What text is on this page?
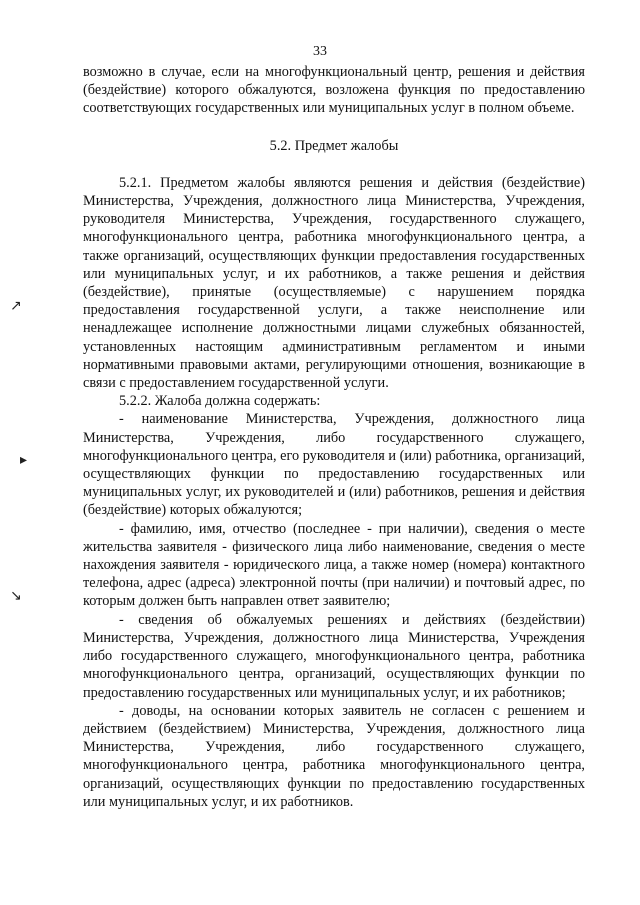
33
↗
▸
↘

возможно в случае, если на многофункциональный центр, решения и действия (бездействие) которого обжалуются, возложена функция по предоставлению соответствующих государственных или муниципальных услуг в полном объеме.

5.2. Предмет жалобы

5.2.1. Предметом жалобы являются решения и действия (бездействие) Министерства, Учреждения, должностного лица Министерства, Учреждения, руководителя Министерства, Учреждения, государственного служащего, многофункционального центра, работника многофункционального центра, а также организаций, осуществляющих функции предоставления государственных или муниципальных услуг, и их работников, а также решения и действия (бездействие), принятые (осуществляемые) с нарушением порядка предоставления государственной услуги, а также неисполнение или ненадлежащее исполнение должностными лицами служебных обязанностей, установленных настоящим административным регламентом и иными нормативными правовыми актами, регулирующими отношения, возникающие в связи с предоставлением государственной услуги.

5.2.2. Жалоба должна содержать:

- наименование Министерства, Учреждения, должностного лица Министерства, Учреждения, либо государственного служащего, многофункционального центра, его руководителя и (или) работника, организаций, осуществляющих функции по предоставлению государственных или муниципальных услуг, их руководителей и (или) работников, решения и действия (бездействие) которых обжалуются;

- фамилию, имя, отчество (последнее - при наличии), сведения о месте жительства заявителя - физического лица либо наименование, сведения о месте нахождения заявителя - юридического лица, а также номер (номера) контактного телефона, адрес (адреса) электронной почты (при наличии) и почтовый адрес, по которым должен быть направлен ответ заявителю;

- сведения об обжалуемых решениях и действиях (бездействии) Министерства, Учреждения, должностного лица Министерства, Учреждения либо государственного служащего, многофункционального центра, работника многофункционального центра, организаций, осуществляющих функции по предоставлению государственных или муниципальных услуг, и их работников;

- доводы, на основании которых заявитель не согласен с решением и действием (бездействием) Министерства, Учреждения, должностного лица Министерства, Учреждения, либо государственного служащего, многофункционального центра, работника многофункционального центра, организаций, осуществляющих функции по предоставлению государственных или муниципальных услуг, и их работников.
